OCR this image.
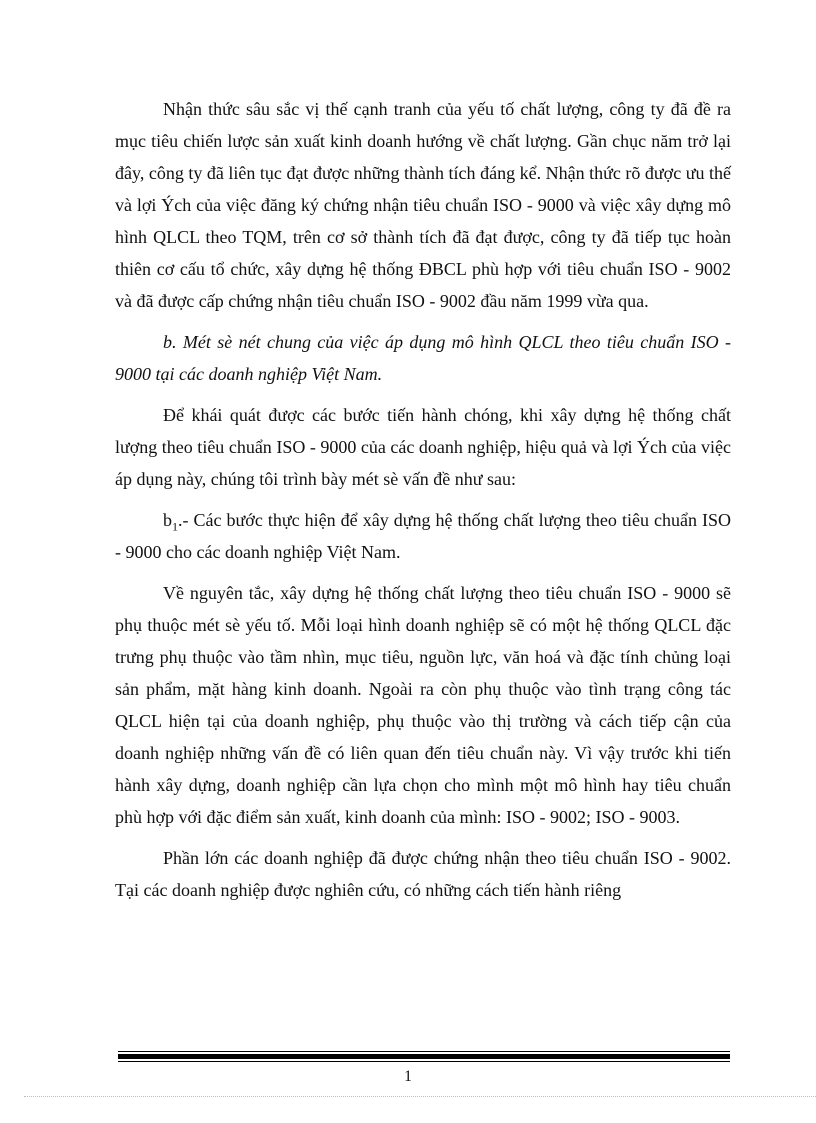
Nhận thức sâu sắc vị thế cạnh tranh của yếu tố chất lượng, công ty đã đề ra mục tiêu chiến lược sản xuất kinh doanh hướng về chất lượng. Gần chục năm trở lại đây, công ty đã liên tục đạt được những thành tích đáng kể. Nhận thức rõ được ưu thế và lợi Ých của việc đăng ký chứng nhận tiêu chuẩn ISO - 9000 và việc xây dựng mô hình QLCL theo TQM, trên cơ sở thành tích đã đạt được, công ty đã tiếp tục hoàn thiên cơ cấu tổ chức, xây dựng hệ thống ĐBCL phù hợp với tiêu chuẩn ISO - 9002 và đã được cấp chứng nhận tiêu chuẩn ISO - 9002 đầu năm 1999 vừa qua.

b. Mét sè nét chung của việc áp dụng mô hình QLCL theo tiêu chuẩn ISO - 9000 tại các doanh nghiệp Việt Nam.

Để khái quát được các bước tiến hành chóng, khi xây dựng hệ thống chất lượng theo tiêu chuẩn ISO - 9000 của các doanh nghiệp, hiệu quả và lợi Ých của việc áp dụng này, chúng tôi trình bày mét sè vấn đề như sau:

$b_1.-$ Các bước thực hiện để xây dựng hệ thống chất lượng theo tiêu chuẩn ISO - 9000 cho các doanh nghiệp Việt Nam.

Về nguyên tắc, xây dựng hệ thống chất lượng theo tiêu chuẩn ISO - 9000 sẽ phụ thuộc mét sè yếu tố. Mỗi loại hình doanh nghiệp sẽ có một hệ thống QLCL đặc trưng phụ thuộc vào tầm nhìn, mục tiêu, nguồn lực, văn hoá và đặc tính chủng loại sản phẩm, mặt hàng kinh doanh. Ngoài ra còn phụ thuộc vào tình trạng công tác QLCL hiện tại của doanh nghiệp, phụ thuộc vào thị trường và cách tiếp cận của doanh nghiệp những vấn đề có liên quan đến tiêu chuẩn này. Vì vậy trước khi tiến hành xây dựng, doanh nghiệp cần lựa chọn cho mình một mô hình hay tiêu chuẩn phù hợp với đặc điểm sản xuất, kinh doanh của mình: ISO - 9002; ISO - 9003.

Phần lớn các doanh nghiệp đã được chứng nhận theo tiêu chuẩn ISO - 9002. Tại các doanh nghiệp được nghiên cứu, có những cách tiến hành riêng

1
